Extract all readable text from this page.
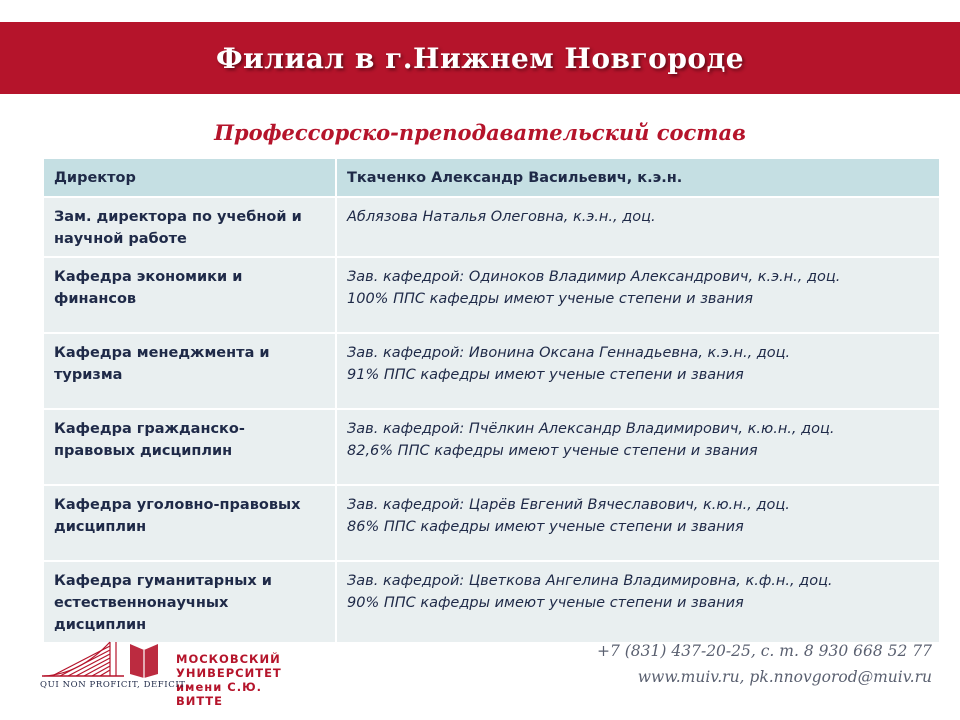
Филиал в г.Нижнем Новгороде
Профессорско-преподавательский состав
Директор	Ткаченко Александр Васильевич, к.э.н.

Зам. директора по учебной и научной работе	Аблязова Наталья Олеговна, к.э.н., доц.

Кафедра экономики и финансов	Зав. кафедрой: Одиноков Владимир Александрович, к.э.н., доц.
100% ППС кафедры имеют ученые степени и звания

Кафедра менеджмента и туризма	Зав. кафедрой: Ивонина Оксана Геннадьевна, к.э.н., доц.
91% ППС кафедры имеют ученые степени и звания

Кафедра гражданско-правовых дисциплин	Зав. кафедрой: Пчёлкин Александр Владимирович, к.ю.н., доц.
82,6% ППС кафедры имеют ученые степени и звания

Кафедра уголовно-правовых дисциплин	Зав. кафедрой: Царёв Евгений Вячеславович, к.ю.н., доц.
86% ППС кафедры имеют ученые степени и звания

Кафедра гуманитарных и естественнонаучных дисциплин	Зав. кафедрой: Цветкова Ангелина Владимировна, к.ф.н., доц.
90% ППС кафедры имеют ученые степени и звания
МОСКОВСКИЙ
УНИВЕРСИТЕТ
имени С.Ю. ВИТТЕ
QUI NON PROFICIT, DEFICIT
+7 (831) 437-20-25, с. т. 8 930 668 52 77
www.muiv.ru, pk.nnovgorod@muiv.ru
